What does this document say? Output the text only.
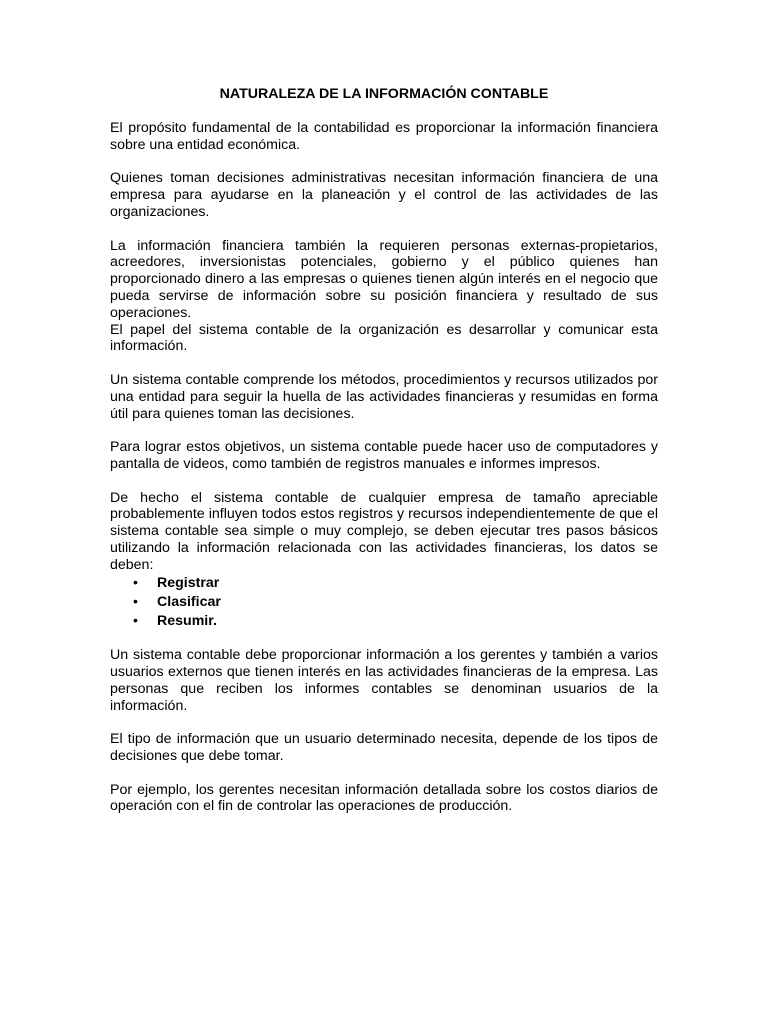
NATURALEZA DE LA INFORMACIÓN CONTABLE

El propósito fundamental de la contabilidad es proporcionar la información financiera sobre una entidad económica.

Quienes toman decisiones administrativas necesitan información financiera de una empresa para ayudarse en la planeación y el control de las actividades de las organizaciones.

La información financiera también la requieren personas externas-propietarios, acreedores, inversionistas potenciales, gobierno y el público quienes han proporcionado dinero a las empresas o quienes tienen algún interés en el negocio que pueda servirse de información sobre su posición financiera y resultado de sus operaciones.

El papel del sistema contable de la organización es desarrollar y comunicar esta información.

Un sistema contable comprende los métodos, procedimientos y recursos utilizados por una entidad para seguir la huella de las actividades financieras y resumidas en forma útil para quienes toman las decisiones.

Para lograr estos objetivos, un sistema contable puede hacer uso de computadores y pantalla de videos, como también de registros manuales e informes impresos.

De hecho el sistema contable de cualquier empresa de tamaño apreciable probablemente influyen todos estos registros y recursos independientemente de que el sistema contable sea simple o muy complejo, se deben ejecutar tres pasos básicos utilizando la información relacionada con las actividades financieras, los datos se deben:

• Registrar
• Clasificar
• Resumir.

Un sistema contable debe proporcionar información a los gerentes y también a varios usuarios externos que tienen interés en las actividades financieras de la empresa. Las personas que reciben los informes contables se denominan usuarios de la información.

El tipo de información que un usuario determinado necesita, depende de los tipos de decisiones que debe tomar.

Por ejemplo, los gerentes necesitan información detallada sobre los costos diarios de operación con el fin de controlar las operaciones de producción.
